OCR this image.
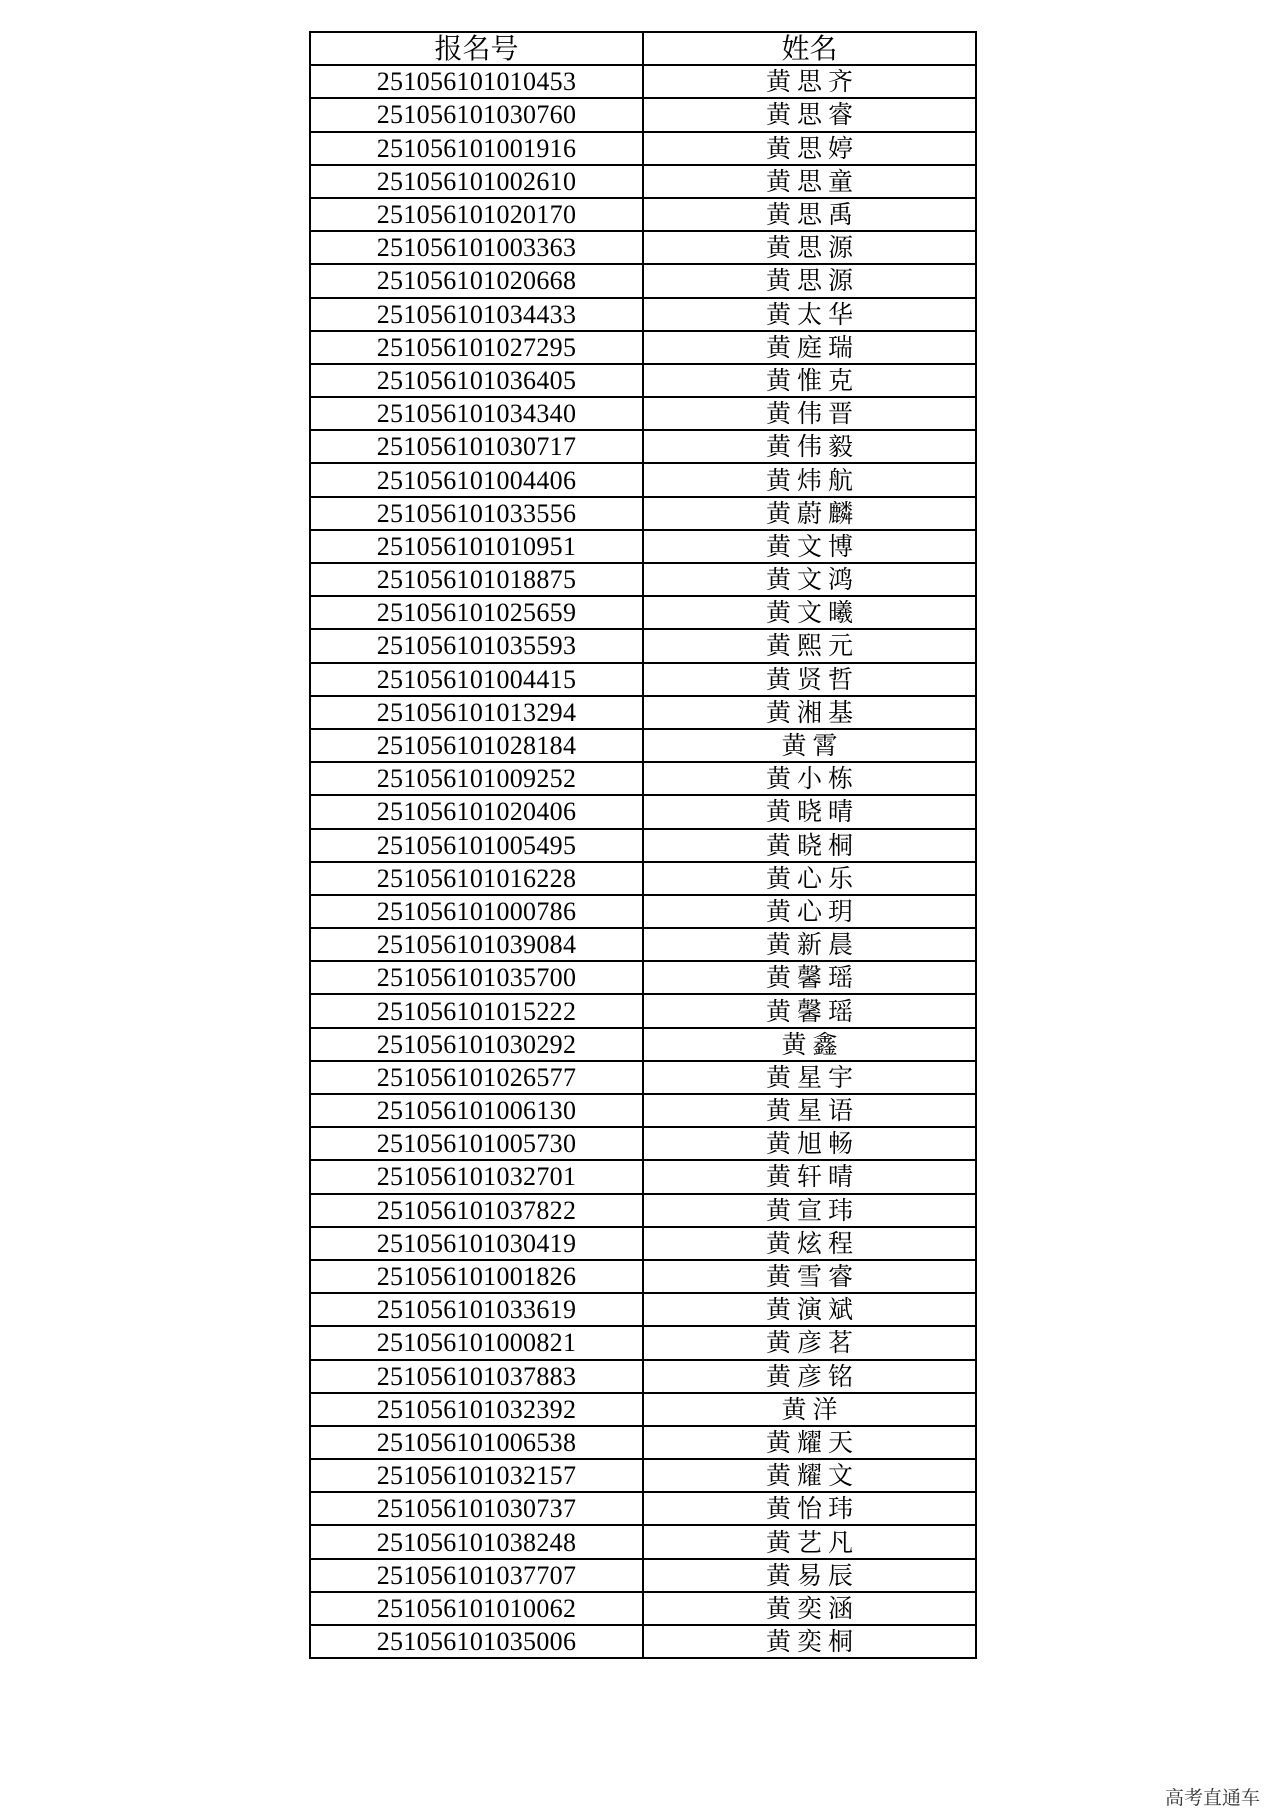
报名号	姓名
251056101010453	黄思齐
251056101030760	黄思睿
251056101001916	黄思婷
251056101002610	黄思童
251056101020170	黄思禹
251056101003363	黄思源
251056101020668	黄思源
251056101034433	黄太华
251056101027295	黄庭瑞
251056101036405	黄惟克
251056101034340	黄伟晋
251056101030717	黄伟毅
251056101004406	黄炜航
251056101033556	黄蔚麟
251056101010951	黄文博
251056101018875	黄文鸿
251056101025659	黄文曦
251056101035593	黄熙元
251056101004415	黄贤哲
251056101013294	黄湘基
251056101028184	黄霄
251056101009252	黄小栋
251056101020406	黄晓晴
251056101005495	黄晓桐
251056101016228	黄心乐
251056101000786	黄心玥
251056101039084	黄新晨
251056101035700	黄馨瑶
251056101015222	黄馨瑶
251056101030292	黄鑫
251056101026577	黄星宇
251056101006130	黄星语
251056101005730	黄旭畅
251056101032701	黄轩晴
251056101037822	黄宣玮
251056101030419	黄炫程
251056101001826	黄雪睿
251056101033619	黄演斌
251056101000821	黄彦茗
251056101037883	黄彦铭
251056101032392	黄洋
251056101006538	黄耀天
251056101032157	黄耀文
251056101030737	黄怡玮
251056101038248	黄艺凡
251056101037707	黄易辰
251056101010062	黄奕涵
251056101035006	黄奕桐
高考直通车
